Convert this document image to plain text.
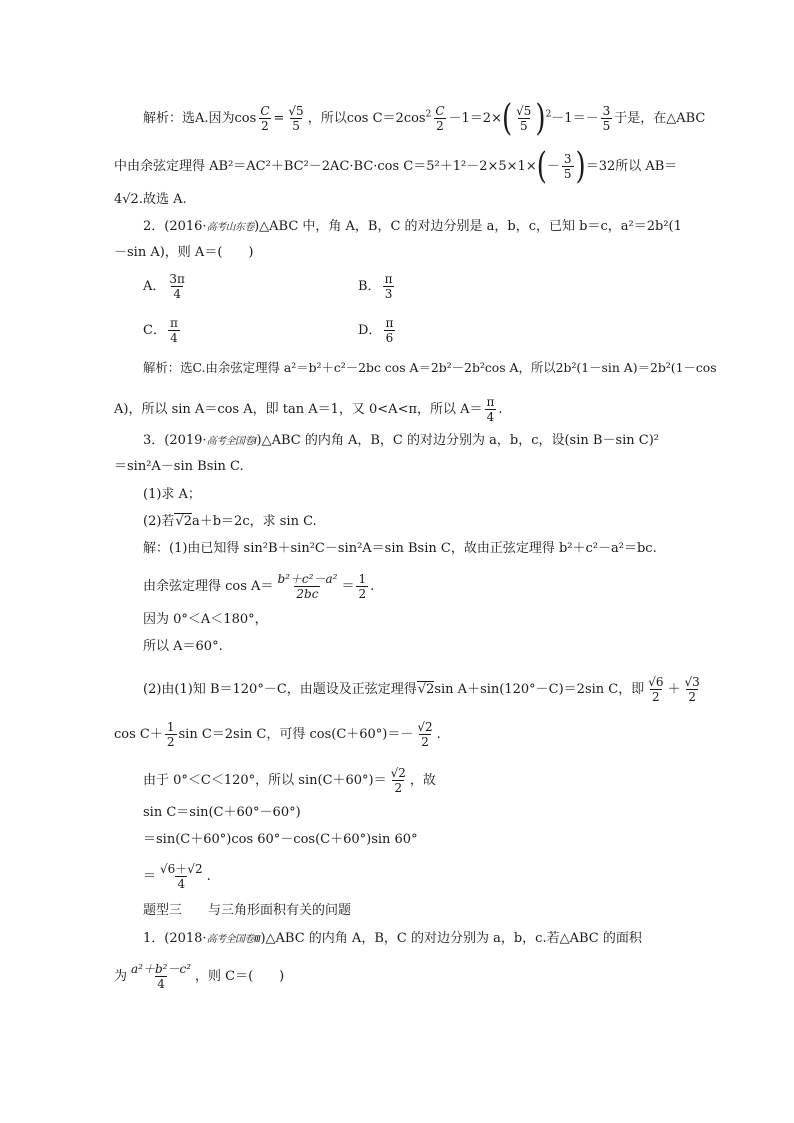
解析：选A.因为$\cos \frac{C}{2} = \frac{√5}{5}$ ，所以$\cos C=2\cos^2 \frac{C}{2} -1=2\times( \frac{√5}{5} )^2-1=- \frac{3}{5}$ 于是，在△ABC
中由余弦定理得 AB²＝AC²＋BC²－2AC·BC·cos $C=5^2+1^2-2\times 5\times 1\times(- \frac{3}{5} )=32$所以 AB＝
4√2.故选 A.
2．(2016·高考山东卷)△ABC 中，角 A，B，C 的对边分别是 a，b，c，已知 b＝c，a²＝2b²(1
－sin A)，则 A＝(　　)
A． $\frac{3\pi}{4}$	B． $\frac{\pi}{3}$
C． $\frac{\pi}{4}$	D． $\frac{\pi}{6}$
解析：选C.由余弦定理得 a²＝b²＋c²－2bc cos A＝2b²－2b²cos A，所以2b²(1－sin A)＝2b²(1－cos
A)，所以 sin A＝cos A，即 tan A＝1，又 0<A<π，所以 $A= \frac{\pi}{4}$ .
3．(2019·高考全国卷Ⅰ)△ABC 的内角 A，B，C 的对边分别为 a，b，c，设(sin B－sin C)²
＝sin²A－sin Bsin C.
(1)求 A；
(2)若√2a＋b＝2c，求 sin C.
解：(1)由已知得 sin²B＋sin²C－sin²A＝sin Bsin C，故由正弦定理得 b²＋c²－a²＝bc.
由余弦定理得 $\cos A= \frac{\text{b²＋c²－a²}}{2bc} = \frac{1}{2}$ .
因为 0°＜A＜180°，
所以 A＝60°.
(2)由(1)知 B＝120°－C，由题设及正弦定理得√2sin A＋sin(120°－C)＝2sin C，即 $\frac{√6}{2} + \frac{√3}{2}$
$\cos C+ \frac{1}{2}$ sin C＝2sin C，可得 $\cos(C+60^\circ)=- \frac{√2}{2}$ .
由于 0°＜C＜120°，所以 $\sin(C+60^\circ)= \frac{√2}{2}$ ，故
sin C＝sin(C＋60°－60°)
＝sin(C＋60°)cos 60°－cos(C＋60°)sin 60°
＝ $\frac{√6+√2}{4}$ .
题型三 与三角形面积有关的问题
1．(2018·高考全国卷Ⅲ)△ABC 的内角 A，B，C 的对边分别为 a，b，c.若△ABC 的面积
为 $\frac{\text{a²＋b²－c²}}{4}$ ，则 C＝(　　)
